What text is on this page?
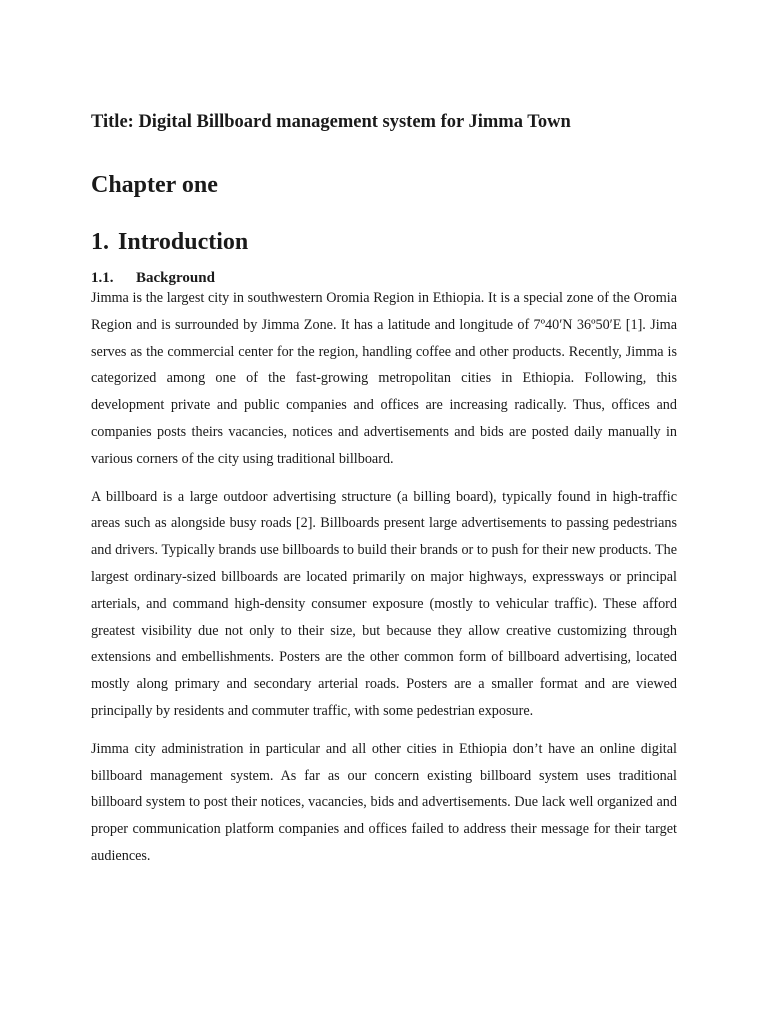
Title: Digital Billboard management system for Jimma Town
Chapter one
1. Introduction
1.1. Background

Jimma is the largest city in southwestern Oromia Region in Ethiopia. It is a special zone of the Oromia Region and is surrounded by Jimma Zone. It has a latitude and longitude of 7º40′N 36º50′E [1]. Jima serves as the commercial center for the region, handling coffee and other products. Recently, Jimma is categorized among one of the fast-growing metropolitan cities in Ethiopia. Following, this development private and public companies and offices are increasing radically. Thus, offices and companies posts theirs vacancies, notices and advertisements and bids are posted daily manually in various corners of the city using traditional billboard.

A billboard is a large outdoor advertising structure (a billing board), typically found in high-traffic areas such as alongside busy roads [2]. Billboards present large advertisements to passing pedestrians and drivers. Typically brands use billboards to build their brands or to push for their new products. The largest ordinary-sized billboards are located primarily on major highways, expressways or principal arterials, and command high-density consumer exposure (mostly to vehicular traffic). These afford greatest visibility due not only to their size, but because they allow creative customizing through extensions and embellishments. Posters are the other common form of billboard advertising, located mostly along primary and secondary arterial roads. Posters are a smaller format and are viewed principally by residents and commuter traffic, with some pedestrian exposure.

Jimma city administration in particular and all other cities in Ethiopia don’t have an online digital billboard management system. As far as our concern existing billboard system uses traditional billboard system to post their notices, vacancies, bids and advertisements. Due lack well organized and proper communication platform companies and offices failed to address their message for their target audiences.
